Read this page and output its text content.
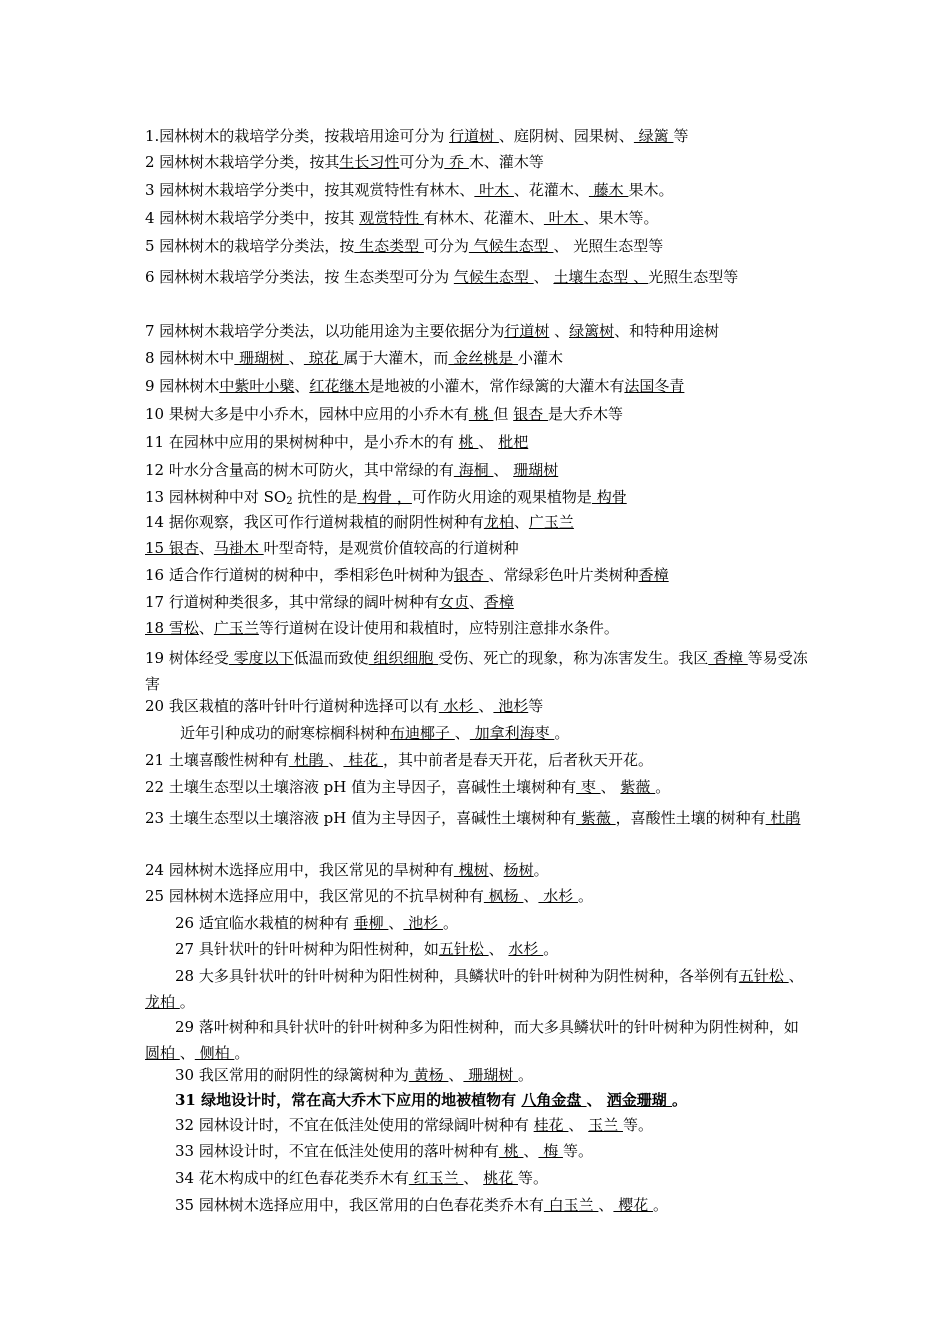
1.园林树木的栽培学分类，按栽培用途可分为 行道树 、庭阴树、园果树、 绿篱 等
2 园林树木栽培学分类，按其生长习性可分为 乔 木、灌木等
3 园林树木栽培学分类中，按其观赏特性有林木、 叶木 、花灌木、 藤木 果木。
4 园林树木栽培学分类中，按其 观赏特性 有林木、花灌木、 叶木 、果木等。
5 园林树木的栽培学分类法，按 生态类型 可分为 气候生态型 、 光照生态型等
6 园林树木栽培学分类法，按 生态类型可分为 气候生态型 、 土壤生态型 、光照生态型等
7 园林树木栽培学分类法，以功能用途为主要依据分为行道树 、绿篱树、和特种用途树
8 园林树木中 珊瑚树 、 琼花 属于大灌木，而 金丝桃是 小灌木
9 园林树木中紫叶小檗、红花继木是地被的小灌木，常作绿篱的大灌木有法国冬青
10 果树大多是中小乔木，园林中应用的小乔木有 桃 但 银杏 是大乔木等
11 在园林中应用的果树树种中，是小乔木的有 桃 、 枇杷
12 叶水分含量高的树木可防火，其中常绿的有 海桐 、 珊瑚树
13 园林树种中对 $SO_2$ 抗性的是 构骨 ，可作防火用途的观果植物是 构骨
14 据你观察，我区可作行道树栽植的耐阴性树种有龙柏、广玉兰
15 银杏、马褂木 叶型奇特，是观赏价值较高的行道树种
16 适合作行道树的树种中，季相彩色叶树种为银杏 、常绿彩色叶片类树种香樟
17 行道树种类很多，其中常绿的阔叶树种有女贞、香樟
18 雪松、广玉兰等行道树在设计使用和栽植时，应特别注意排水条件。
19 树体经受 零度以下低温而致使 组织细胞 受伤、死亡的现象，称为冻害发生。我区 香樟 等易受冻害
20 我区栽植的落叶针叶行道树种选择可以有 水杉 、 池杉等
近年引种成功的耐寒棕榈科树种布迪椰子 、 加拿利海枣 。
21 土壤喜酸性树种有 杜鹃 、 桂花 ，其中前者是春天开花，后者秋天开花。
22 土壤生态型以土壤溶液 pH 值为主导因子，喜碱性土壤树种有 枣 、 紫薇 。
23 土壤生态型以土壤溶液 pH 值为主导因子，喜碱性土壤树种有 紫薇 ，喜酸性土壤的树种有 杜鹃
24 园林树木选择应用中，我区常见的旱树种有 槐树、杨树。
25 园林树木选择应用中，我区常见的不抗旱树种有 枫杨 、 水杉 。
26 适宜临水栽植的树种有 垂柳 、 池杉 。
27 具针状叶的针叶树种为阳性树种，如五针松 、 水杉 。
28 大多具针状叶的针叶树种为阳性树种，具鳞状叶的针叶树种为阴性树种，各举例有五针松 、 龙柏 。
29 落叶树种和具针状叶的针叶树种多为阳性树种，而大多具鳞状叶的针叶树种为阴性树种，如 圆柏 、 侧柏 。
30 我区常用的耐阴性的绿篱树种为 黄杨 、 珊瑚树 。
31 绿地设计时，常在高大乔木下应用的地被植物有 八角金盘 、 洒金珊瑚 。
32 园林设计时，不宜在低洼处使用的常绿阔叶树种有 桂花 、 玉兰 等。
33 园林设计时，不宜在低洼处使用的落叶树种有 桃 、 梅 等。
34 花木构成中的红色春花类乔木有 红玉兰 、 桃花 等。
35 园林树木选择应用中，我区常用的白色春花类乔木有 白玉兰 、 樱花 。
